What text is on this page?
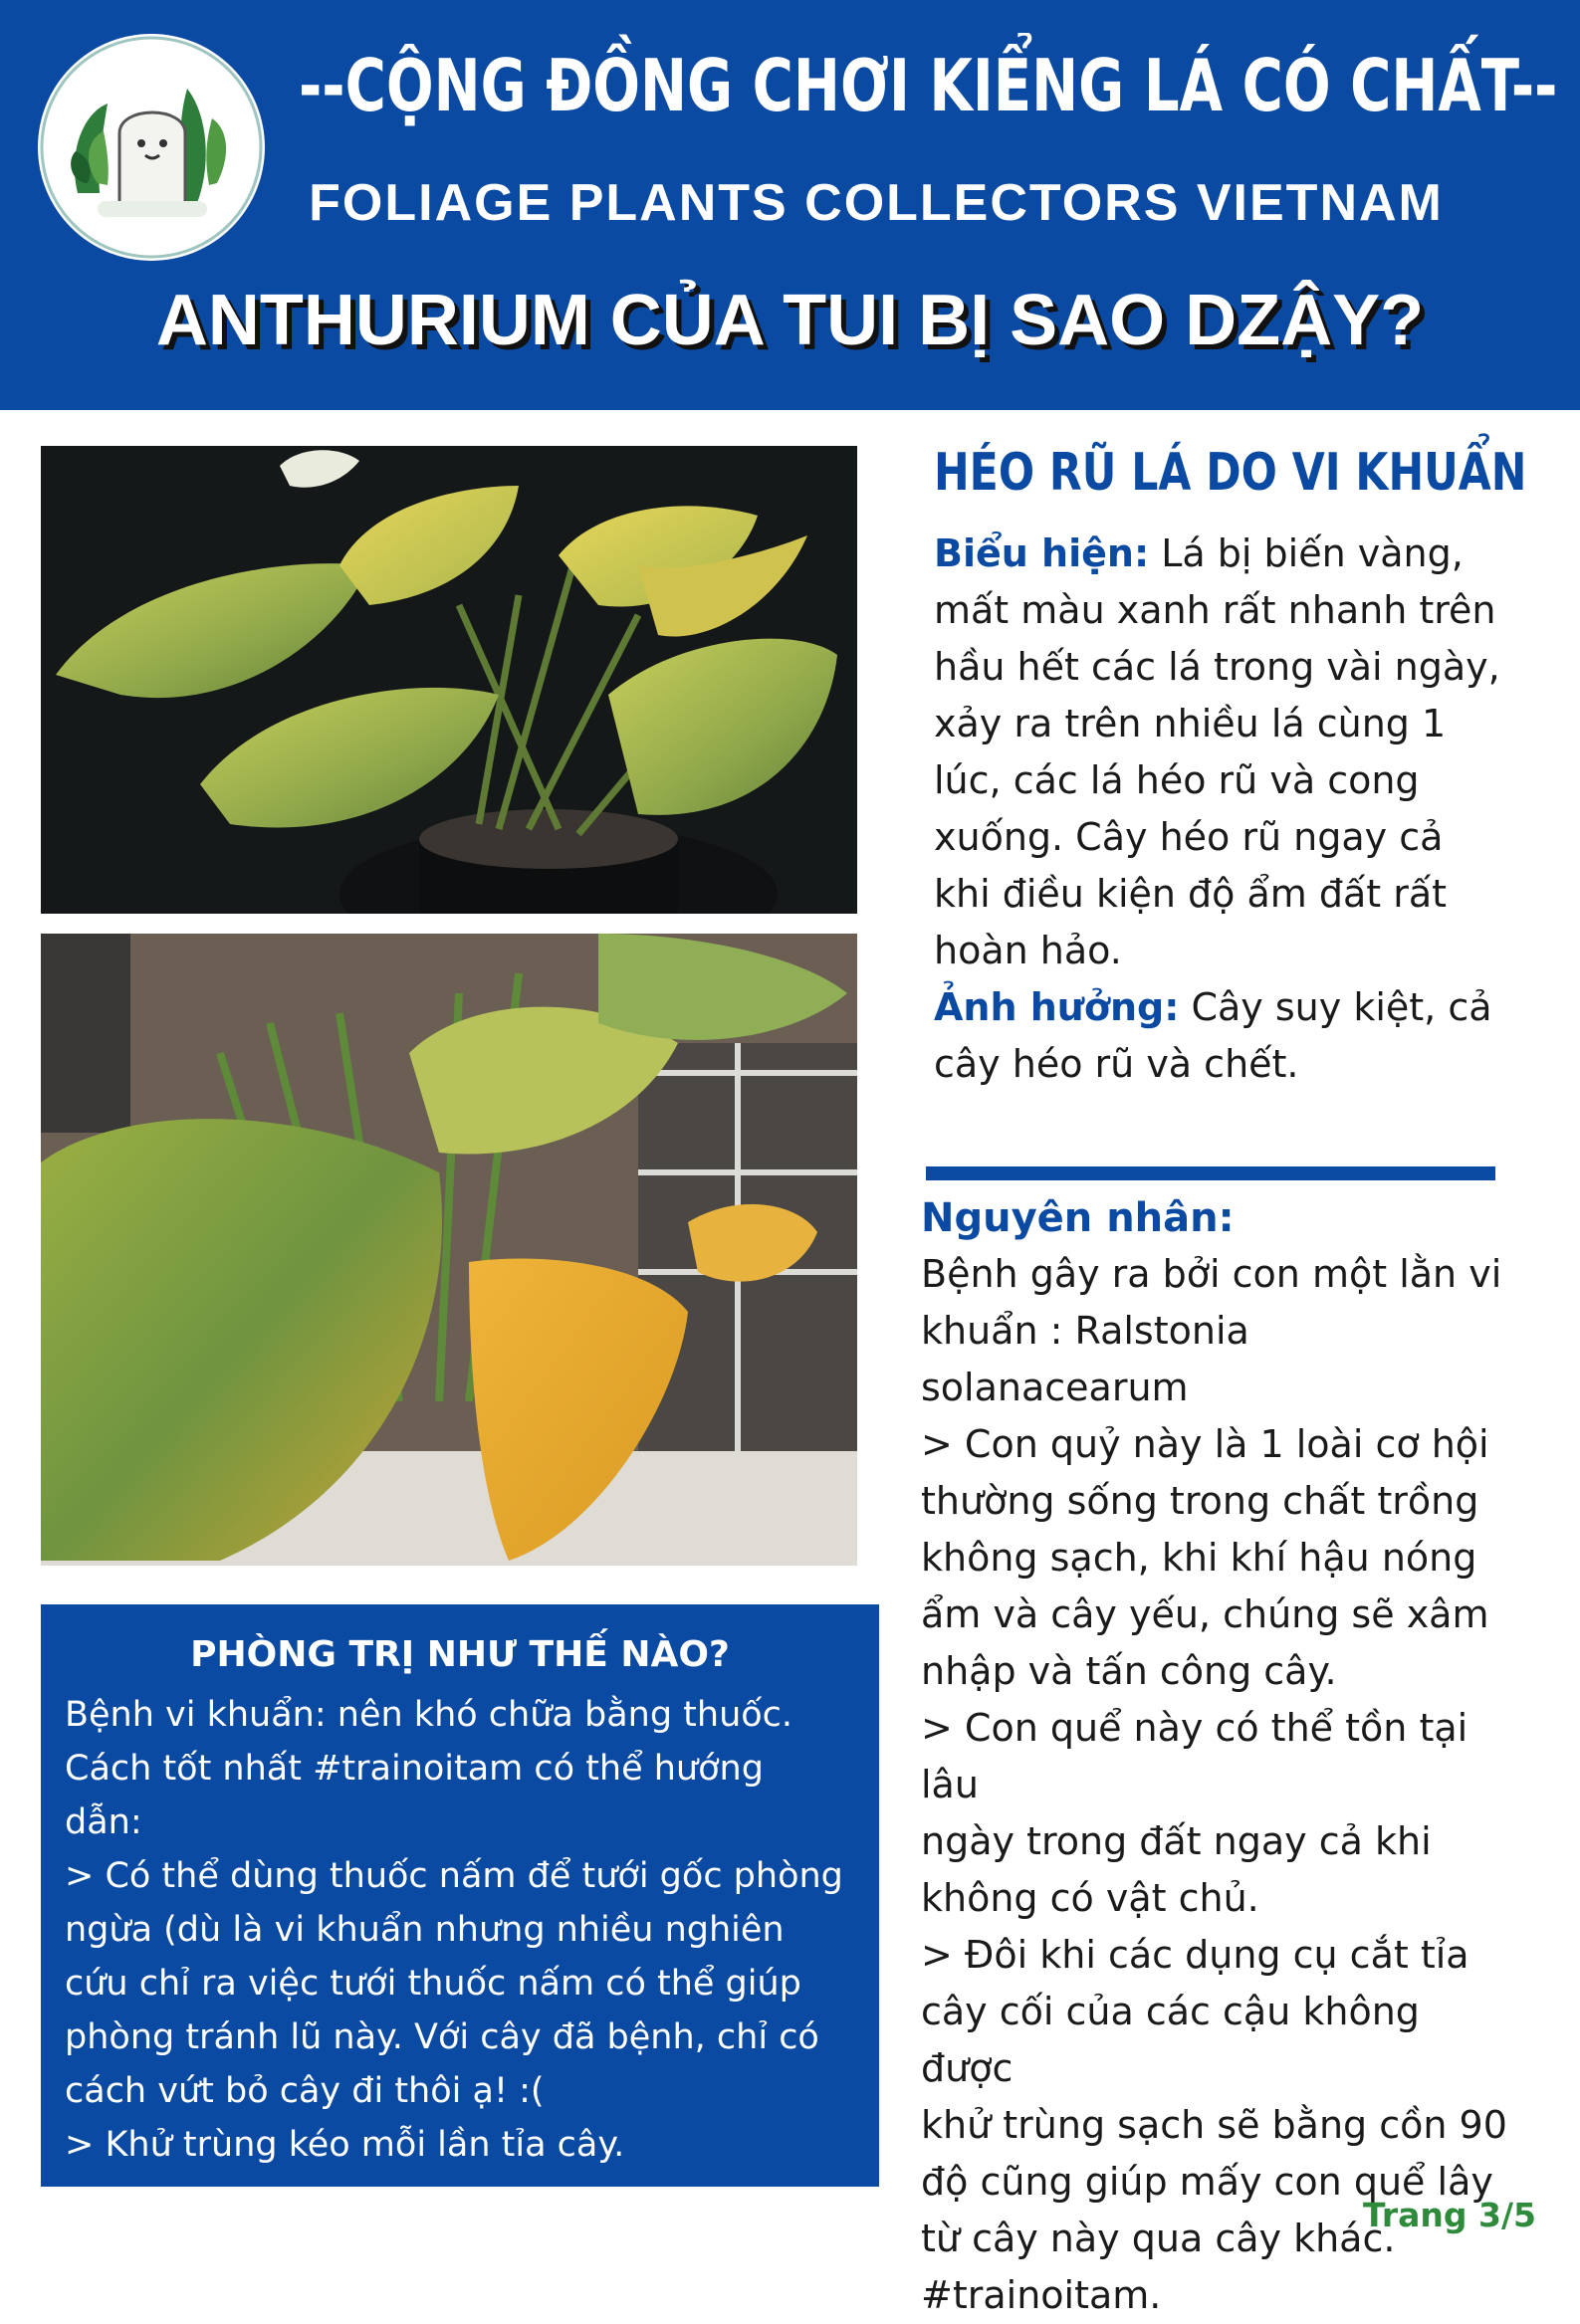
--CỘNG ĐỒNG CHƠI KIỂNG LÁ CÓ CHẤT--
FOLIAGE PLANTS COLLECTORS VIETNAM
ANTHURIUM CỦA TUI BỊ SAO DZẬY?
HÉO RŨ LÁ DO VI KHUẨN
Biểu hiện: Lá bị biến vàng,
mất màu xanh rất nhanh trên
hầu hết các lá trong vài ngày,
xảy ra trên nhiều lá cùng 1
lúc, các lá héo rũ và cong
xuống. Cây héo rũ ngay cả
khi điều kiện độ ẩm đất rất
hoàn hảo.
Ảnh hưởng: Cây suy kiệt, cả
cây héo rũ và chết.
Nguyên nhân:

Bệnh gây ra bởi con một lằn vi

khuẩn : Ralstonia solanacearum

> Con quỷ này là 1 loài cơ hội

thường sống trong chất trồng

không sạch, khi khí hậu nóng

ẩm và cây yếu, chúng sẽ xâm

nhập và tấn công cây.

> Con quể này có thể tồn tại lâu

ngày trong đất ngay cả khi

không có vật chủ.

> Đôi khi các dụng cụ cắt tỉa

cây cối của các cậu không được

khử trùng sạch sẽ bằng cồn 90

độ cũng giúp mấy con quể lây

từ cây này qua cây khác.

#trainoitam.

PHÒNG TRỊ NHƯ THẾ NÀO?

Bệnh vi khuẩn: nên khó chữa bằng thuốc.

Cách tốt nhất #trainoitam có thể hướng

dẫn:

> Có thể dùng thuốc nấm để tưới gốc phòng

ngừa (dù là vi khuẩn nhưng nhiều nghiên

cứu chỉ ra việc tưới thuốc nấm có thể giúp

phòng tránh lũ này. Với cây đã bệnh, chỉ có

cách vứt bỏ cây đi thôi ạ! :(

> Khử trùng kéo mỗi lần tỉa cây.

Trang 3/5
